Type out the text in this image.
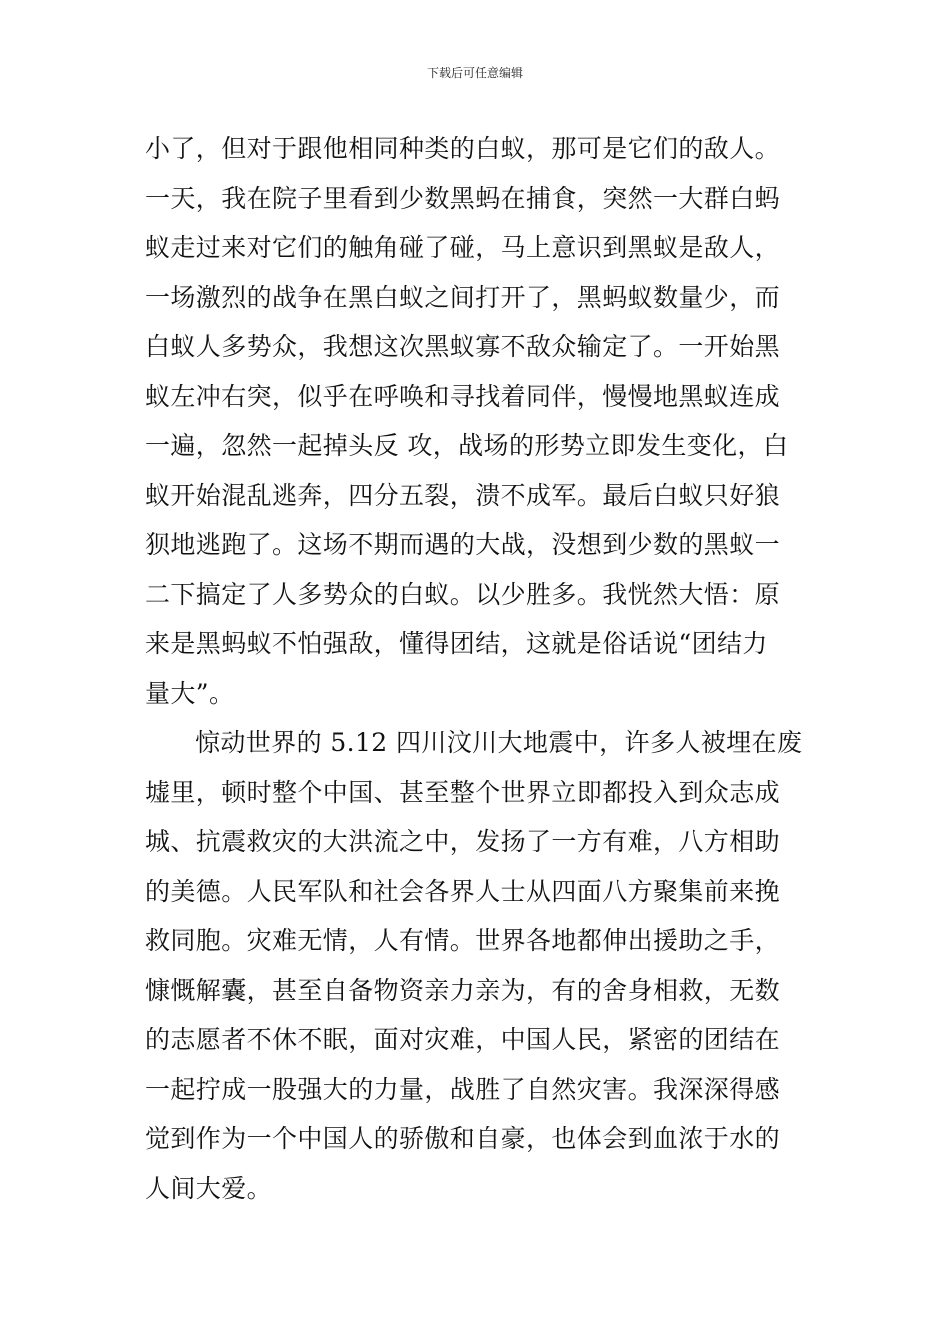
下载后可任意编辑
小了，但对于跟他相同种类的白蚁，那可是它们的敌人。
一天，我在院子里看到少数黑蚂在捕食，突然一大群白蚂
蚁走过来对它们的触角碰了碰，马上意识到黑蚁是敌人，
一场激烈的战争在黑白蚁之间打开了，黑蚂蚁数量少，而
白蚁人多势众，我想这次黑蚁寡不敌众输定了。一开始黑
蚁左冲右突，似乎在呼唤和寻找着同伴，慢慢地黑蚁连成
一遍，忽然一起掉头反 攻，战场的形势立即发生变化，白
蚁开始混乱逃奔，四分五裂，溃不成军。最后白蚁只好狼
狈地逃跑了。这场不期而遇的大战，没想到少数的黑蚁一
二下搞定了人多势众的白蚁。以少胜多。我恍然大悟：原
来是黑蚂蚁不怕强敌，懂得团结，这就是俗话说“团结力
量大”。
惊动世界的 5.12 四川汶川大地震中，许多人被埋在废
墟里，顿时整个中国、甚至整个世界立即都投入到众志成
城、抗震救灾的大洪流之中，发扬了一方有难，八方相助
的美德。人民军队和社会各界人士从四面八方聚集前来挽
救同胞。灾难无情，人有情。世界各地都伸出援助之手，
慷慨解囊，甚至自备物资亲力亲为，有的舍身相救，无数
的志愿者不休不眠，面对灾难，中国人民，紧密的团结在
一起拧成一股强大的力量，战胜了自然灾害。我深深得感
觉到作为一个中国人的骄傲和自豪，也体会到血浓于水的
人间大爱。
